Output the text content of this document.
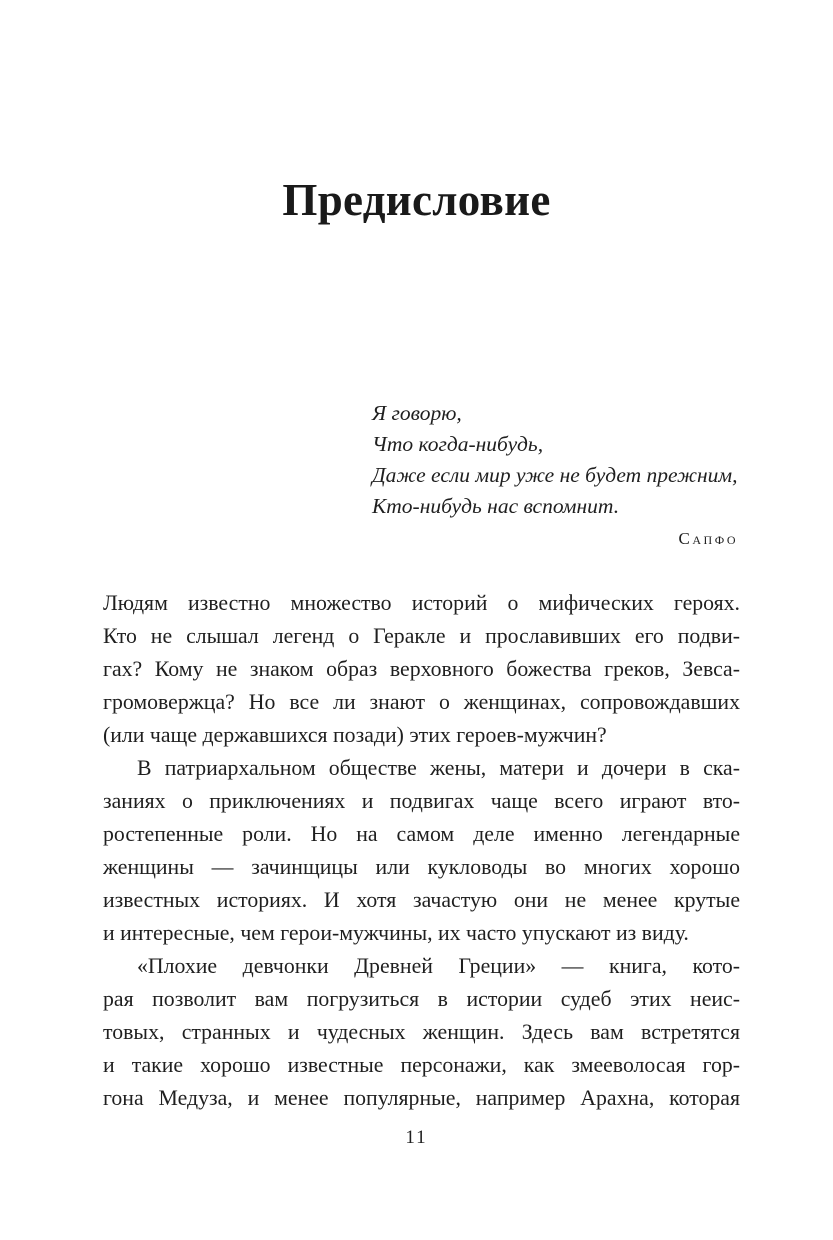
Предисловие
Я говорю,
Что когда-нибудь,
Даже если мир уже не будет прежним,
Кто-нибудь нас вспомнит.
Сапфо
Людям известно множество историй о мифических героях.
Кто не слышал легенд о Геракле и прославивших его подви-
гах? Кому не знаком образ верховного божества греков, Зевса-
громовержца? Но все ли знают о женщинах, сопровождавших
(или чаще державшихся позади) этих героев-мужчин?
В патриархальном обществе жены, матери и дочери в ска-
заниях о приключениях и подвигах чаще всего играют вто-
ростепенные роли. Но на самом деле именно легендарные
женщины — зачинщицы или кукловоды во многих хорошо
известных историях. И хотя зачастую они не менее крутые
и интересные, чем герои-мужчины, их часто упускают из виду.
«Плохие девчонки Древней Греции» — книга, кото-
рая позволит вам погрузиться в истории судеб этих неис-
товых, странных и чудесных женщин. Здесь вам встретятся
и такие хорошо известные персонажи, как змееволосая гор-
гона Медуза, и менее популярные, например Арахна, которая
11
